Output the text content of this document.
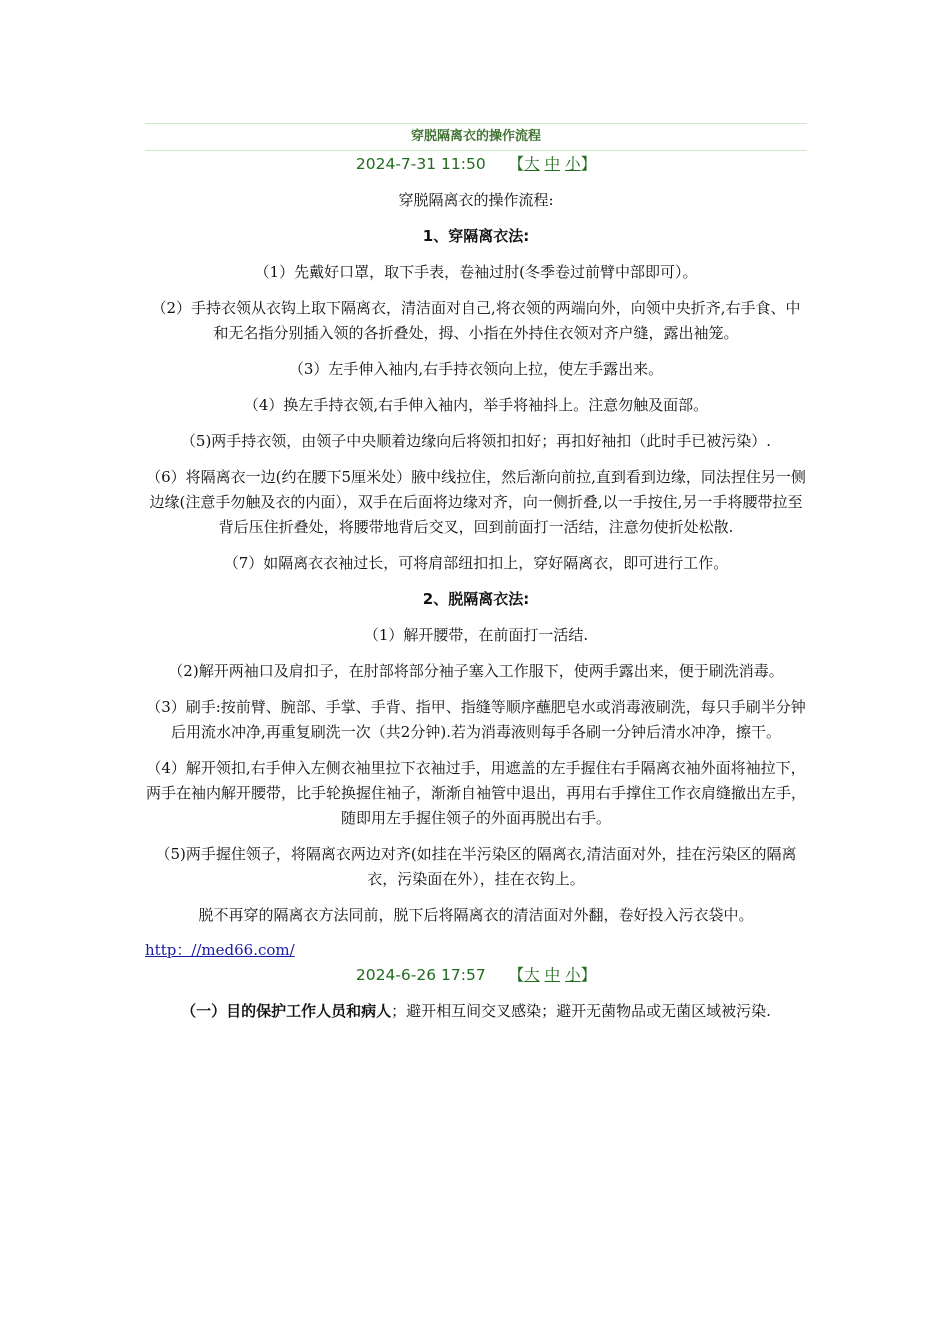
穿脱隔离衣的操作流程
2024-7-31 11:50 【大 中 小】

穿脱隔离衣的操作流程:

1、穿隔离衣法:

（1）先戴好口罩，取下手表，卷袖过肘(冬季卷过前臂中部即可）。

（2）手持衣领从衣钩上取下隔离衣，清洁面对自己,将衣领的两端向外，向领中央折齐,右手食、中和无名指分别插入领的各折叠处，拇、小指在外持住衣领对齐户缝，露出袖笼。

（3）左手伸入袖内,右手持衣领向上拉，使左手露出来。

（4）换左手持衣领,右手伸入袖内，举手将袖抖上。注意勿触及面部。

（5)两手持衣领，由领子中央顺着边缘向后将领扣扣好；再扣好袖扣（此时手已被污染）.

（6）将隔离衣一边(约在腰下5厘米处）腋中线拉住，然后渐向前拉,直到看到边缘，同法捏住另一侧边缘(注意手勿触及衣的内面），双手在后面将边缘对齐，向一侧折叠,以一手按住,另一手将腰带拉至背后压住折叠处，将腰带地背后交叉，回到前面打一活结，注意勿使折处松散.

（7）如隔离衣衣袖过长，可将肩部纽扣扣上，穿好隔离衣，即可进行工作。

2、脱隔离衣法:

（1）解开腰带，在前面打一活结.

（2)解开两袖口及肩扣子，在肘部将部分袖子塞入工作服下，使两手露出来，便于刷洗消毒。

（3）刷手:按前臂、腕部、手掌、手背、指甲、指缝等顺序蘸肥皂水或消毒液刷洗，每只手刷半分钟后用流水冲净,再重复刷洗一次（共2分钟).若为消毒液则每手各刷一分钟后清水冲净，擦干。

（4）解开领扣,右手伸入左侧衣袖里拉下衣袖过手，用遮盖的左手握住右手隔离衣袖外面将袖拉下，两手在袖内解开腰带，比手轮换握住袖子，渐渐自袖管中退出，再用右手撑住工作衣肩缝撤出左手，随即用左手握住领子的外面再脱出右手。

（5)两手握住领子，将隔离衣两边对齐(如挂在半污染区的隔离衣,清洁面对外，挂在污染区的隔离衣，污染面在外），挂在衣钩上。

脱不再穿的隔离衣方法同前，脱下后将隔离衣的清洁面对外翻，卷好投入污衣袋中。

http：//med66.com/
2024-6-26 17:57 【大 中 小】

（一）目的保护工作人员和病人；避开相互间交叉感染；避开无菌物品或无菌区域被污染.
